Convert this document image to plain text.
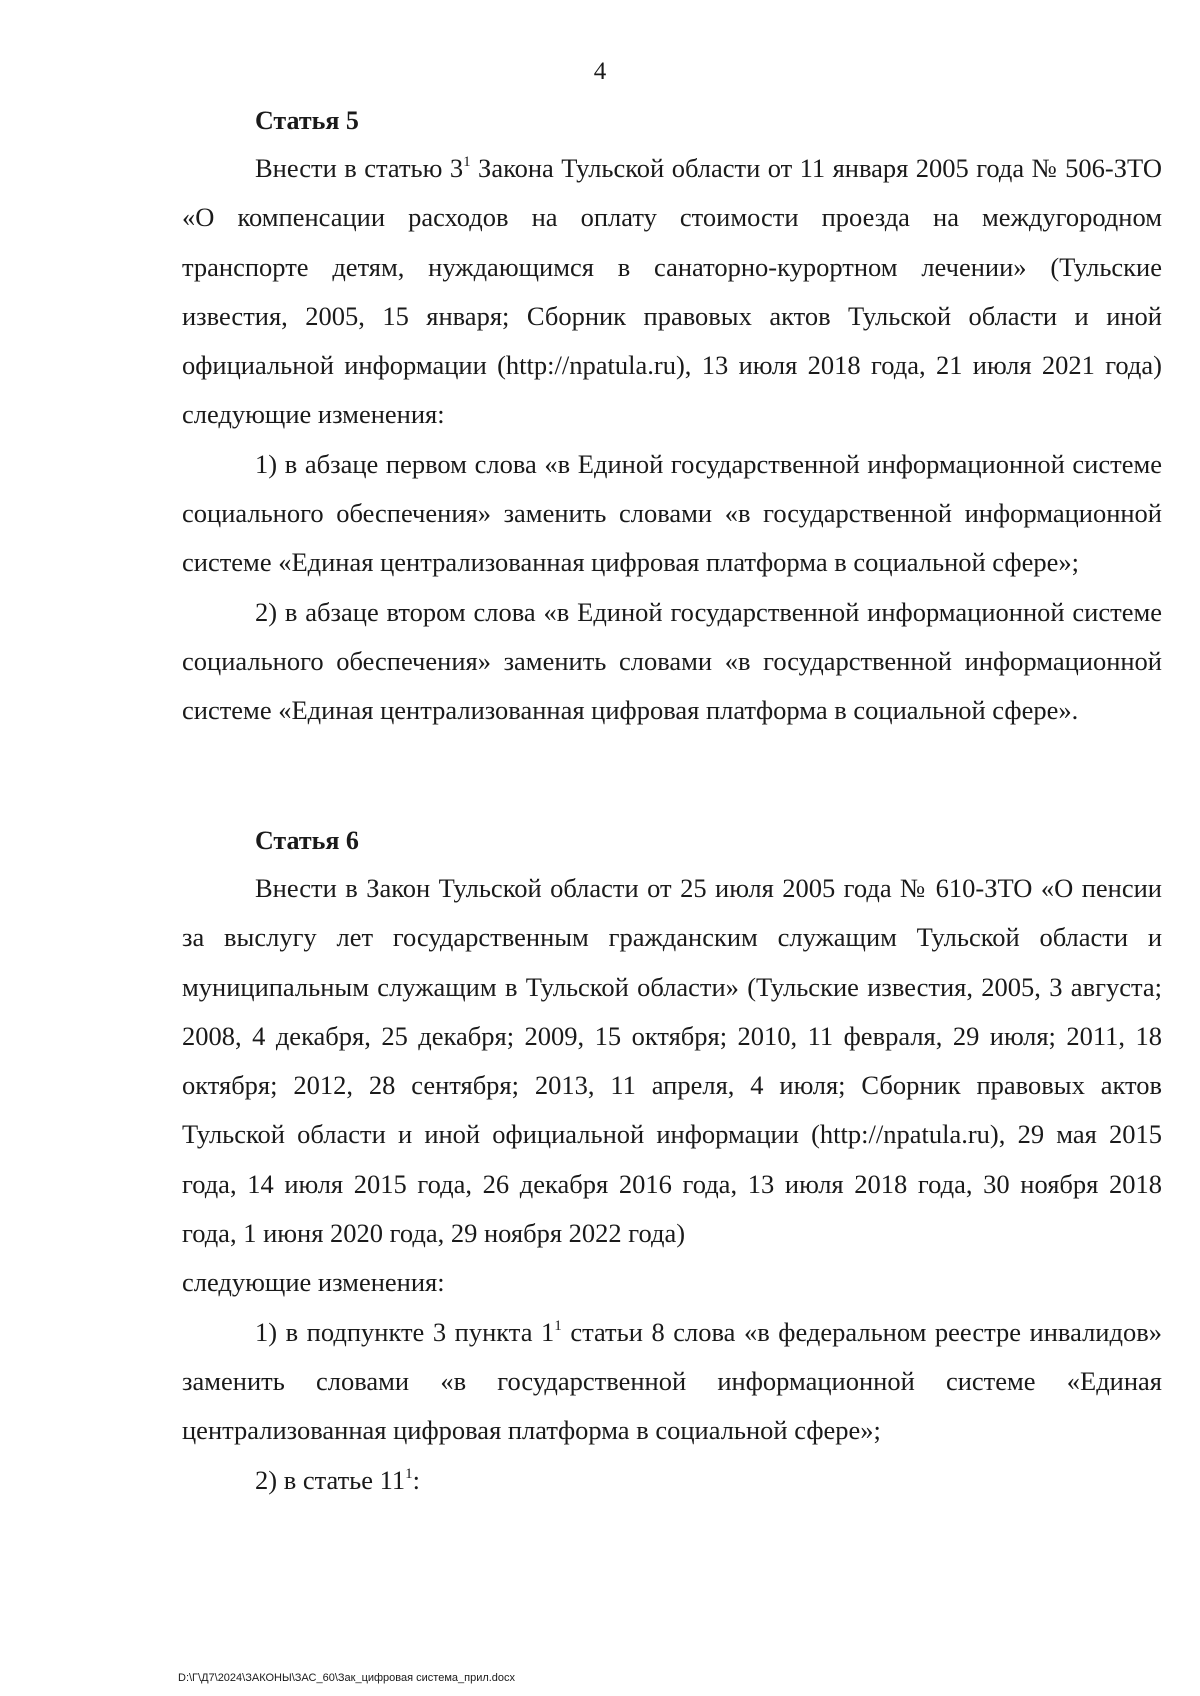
4
Статья 5

Внести в статью $3^1$ Закона Тульской области от 11 января 2005 года № 506-ЗТО «О компенсации расходов на оплату стоимости проезда на междугородном транспорте детям, нуждающимся в санаторно-курортном лечении» (Тульские известия, 2005, 15 января; Сборник правовых актов Тульской области и иной официальной информации (http://npatula.ru), 13 июля 2018 года, 21 июля 2021 года) следующие изменения:

1) в абзаце первом слова «в Единой государственной информационной системе социального обеспечения» заменить словами «в государственной информационной системе «Единая централизованная цифровая платформа в социальной сфере»;

2) в абзаце втором слова «в Единой государственной информационной системе социального обеспечения» заменить словами «в государственной информационной системе «Единая централизованная цифровая платформа в социальной сфере».

Статья 6

Внести в Закон Тульской области от 25 июля 2005 года № 610-ЗТО «О пенсии за выслугу лет государственным гражданским служащим Тульской области и муниципальным служащим в Тульской области» (Тульские известия, 2005, 3 августа; 2008, 4 декабря, 25 декабря; 2009, 15 октября; 2010, 11 февраля, 29 июля; 2011, 18 октября; 2012, 28 сентября; 2013, 11 апреля, 4 июля; Сборник правовых актов Тульской области и иной официальной информации (http://npatula.ru), 29 мая 2015 года, 14 июля 2015 года, 26 декабря 2016 года, 13 июля 2018 года, 30 ноября 2018 года, 1 июня 2020 года, 29 ноября 2022 года)

следующие изменения:

1) в подпункте 3 пункта $1^1$ статьи 8 слова «в федеральном реестре инвалидов» заменить словами «в государственной информационной системе «Единая централизованная цифровая платформа в социальной сфере»;

2) в статье $11^1$:

D:\Г\Д7\2024\ЗАКОНЫ\ЗАС_60\Зак_цифровая система_прил.docx
